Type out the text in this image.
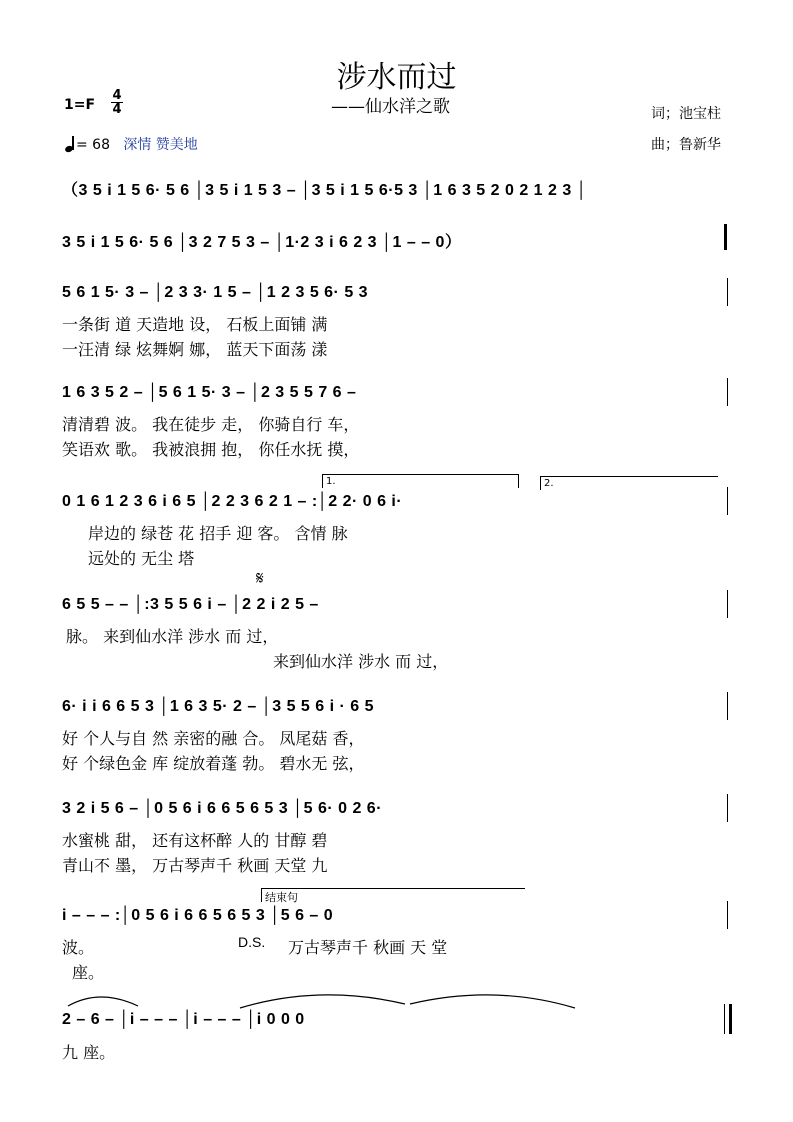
涉水而过
——仙水洋之歌
1=F
4
4
= 68 深情 赞美地
词；池宝柱
曲；鲁新华
（3 5 i 1 5 6· 5 6 │3 5 i 1 5 3 – │3 5 i 1 5 6·5 3 │1 6 3 5 2 0 2 1 2 3 │
3 5 i 1 5 6· 5 6 │3 2 7 5 3 – │1·2 3 i 6 2 3 │1 – – 0）
5 6 1 5· 3 – │2 3 3· 1 5 – │1 2 3 5 6· 5 3
一条街 道 天造地 设， 石板上面铺 满
一汪清 绿 炫舞婀 娜， 蓝天下面荡 漾
1 6 3 5 2 – │5 6 1 5· 3 – │2 3 5 5 7 6 –
清清碧 波。 我在徒步 走， 你骑自行 车，
笑语欢 歌。 我被浪拥 抱， 你任水抚 摸，
1.	2.
0 1 6 1 2 3 6 i 6 5 │2 2 3 6 2 1 – :│2 2· 0 6 i·
岸边的 绿苍 花 招手 迎 客。 含情 脉
远处的 无尘 塔
𝄋
6 5 5 – – │:3 5 5 6 i – │2 2 i 2 5 –
脉。 来到仙水洋 涉水 而 过，
来到仙水洋 涉水 而 过，
6· i i 6 6 5 3 │1 6 3 5· 2 – │3 5 5 6 i · 6 5
好 个人与自 然 亲密的融 合。 凤尾菇 香，
好 个绿色金 库 绽放着蓬 勃。 碧水无 弦，
3 2 i 5 6 – │0 5 6 i 6 6 5 6 5 3 │5 6· 0 2 6·
水蜜桃 甜， 还有这杯醉 人的 甘醇 碧
青山不 墨， 万古琴声千 秋画 天堂 九
结束句
i – – – :│0 5 6 i 6 6 5 6 5 3 │5 6 – 0
波。	D.S. 万古琴声千 秋画 天 堂
座。
2 – 6 – │i – – – │i – – – │i 0 0 0
九 座。
